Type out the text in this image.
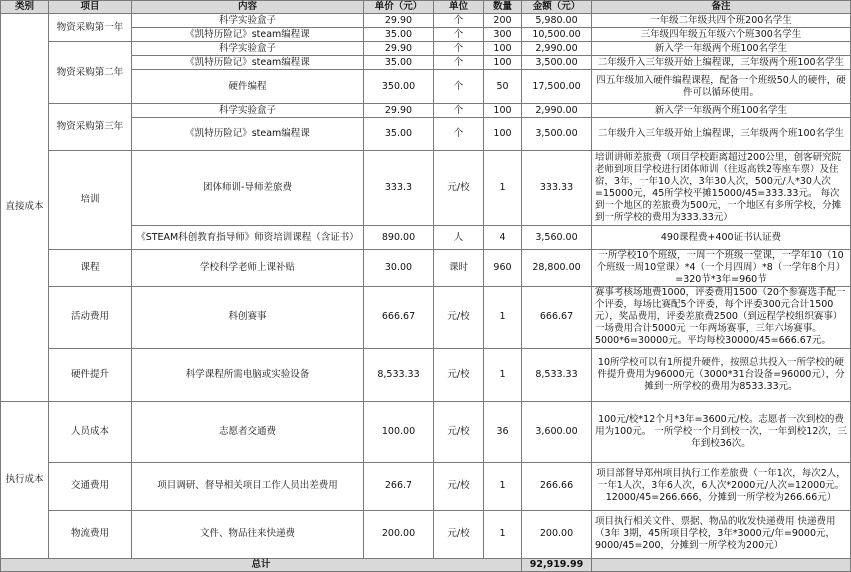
类别	项目	内容	单价（元）	单位	数量	金额（元）	备注
直接成本	物资采购第一年	科学实验盒子	29.90	个	200	5,980.00	一年级二年级共四个班200名学生
		《凯特历险记》steam编程课	35.00	个	300	10,500.00	三年级四年级五年级六个班300名学生
	物资采购第二年	科学实验盒子	29.90	个	100	2,990.00	新入学一年级两个班100名学生
		《凯特历险记》steam编程课	35.00	个	100	3,500.00	二年级升入三年级开始上编程课，三年级两个班100名学生
		硬件编程	350.00	个	50	17,500.00	四五年级加入硬件编程课程，配备一个班级50人的硬件，硬件可以循环使用。
	物资采购第三年	科学实验盒子	29.90	个	100	2,990.00	新入学一年级两个班100名学生
		《凯特历险记》steam编程课	35.00	个	100	3,500.00	二年级升入三年级开始上编程课，三年级两个班100名学生
	培训	团体师训-导师差旅费	333.3	元/校	1	333.33	培训讲师差旅费（项目学校距离超过200公里，创客研究院老师到项目学校进行团体师训（往返高铁2等座车票）及住宿，3年，一年10人次，3年30人次，500元/人*30人次=15000元，45所学校平摊15000/45=333.33元。 每次到一个地区的差旅费为500元，一个地区有多所学校，分摊到一所学校的费用为333.33元）
		《STEAM科创教育指导师》师资培训课程（含证书）	890.00	人	4	3,560.00	490课程费+400证书认证费
	课程	学校科学老师上课补贴	30.00	课时	960	28,800.00	一所学校10个班级，一周一个班级一堂课，一学年10（10个班级一周10堂课）*4（一个月四周）*8（一学年8个月）=320节*3年=960节
	活动费用	科创赛事	666.67	元/校	1	666.67	赛事考核场地费1000，评委费用1500（20个参赛选手配一个评委，每场比赛配5个评委，每个评委300元合计1500元），奖品费用，评委差旅费2500（到远程学校组织赛事）一场费用合计5000元 一年两场赛事，三年六场赛事。5000*6=30000元。平均每校30000/45=666.67元。
	硬件提升	科学课程所需电脑或实验设备	8,533.33	元/校	1	8,533.33	10所学校可以有1所提升硬件，按照总共投入一所学校的硬件提升费用为96000元（3000*31台设备=96000元），分摊到一所学校的费用为8533.33元。
执行成本	人员成本	志愿者交通费	100.00	元/校	36	3,600.00	100元/校*12个月*3年=3600元/校。志愿者一次到校的费用为100元。 一所学校一个月到校一次，一年到校12次，三年到校36次。
	交通费用	项目调研、督导相关项目工作人员出差费用	266.7	元/校	1	266.66	项目部督导郑州项目执行工作差旅费（一年1次，每次2人，一年1人次，3年6人次，6人次*2000元/人次=12000元。12000/45=266.666，分摊到一所学校为266.66元）
	物流费用	文件、物品往来快递费	200.00	元/校	1	200.00	项目执行相关文件、票据、物品的收发快递费用 快递费用（3年 3期，45所项目学校，3年*3000元/年=9000元，9000/45=200，分摊到一所学校为200元）
总计						92,919.99	
